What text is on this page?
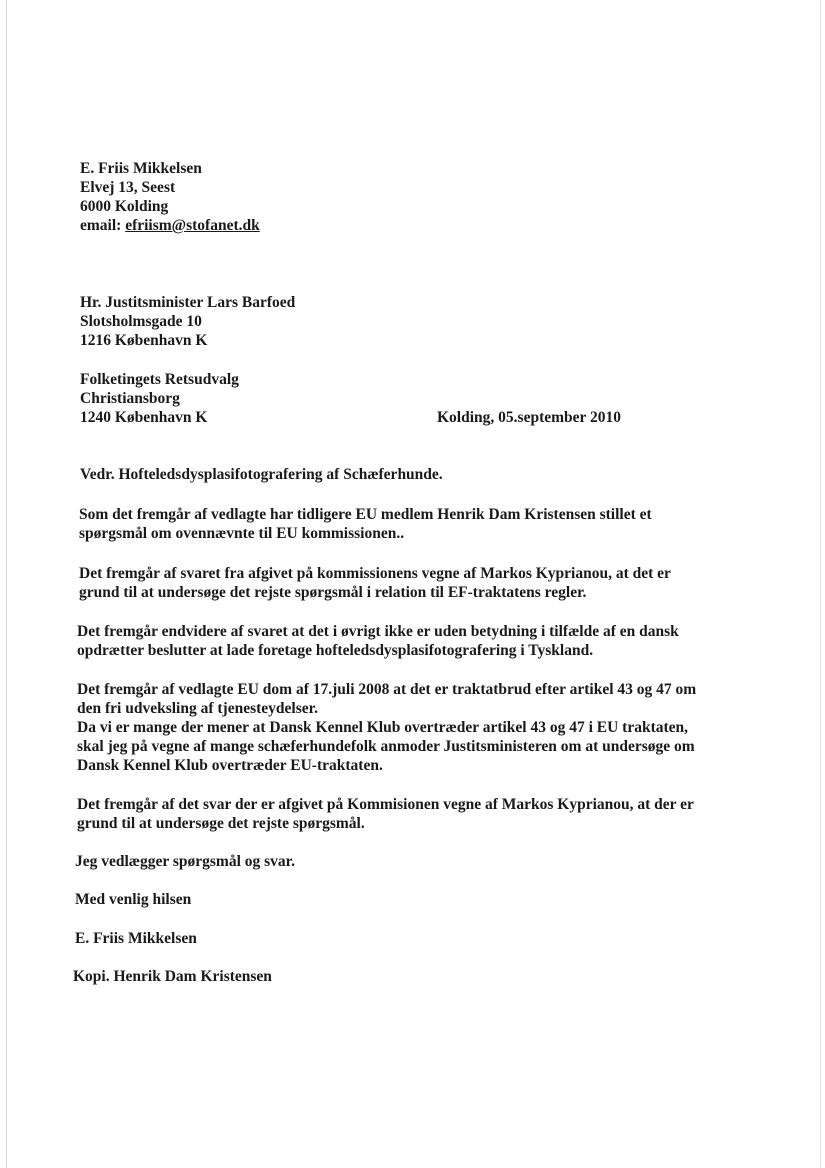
E. Friis Mikkelsen
Elvej 13, Seest
6000 Kolding
email: efriism@stofanet.dk
Hr. Justitsminister Lars Barfoed
Slotsholmsgade 10
1216 København K
Folketingets Retsudvalg
Christiansborg
1240 København K	Kolding, 05.september 2010
Vedr. Hofteledsdysplasifotografering af Schæferhunde.
Som det fremgår af vedlagte har tidligere EU medlem Henrik Dam Kristensen stillet et
spørgsmål om ovennævnte til EU kommissionen..
Det fremgår af svaret fra afgivet på kommissionens vegne af Markos Kyprianou, at det er
grund til at undersøge det rejste spørgsmål i relation til EF-traktatens regler.
Det fremgår endvidere af svaret at det i øvrigt ikke er uden betydning i tilfælde af en dansk
opdrætter beslutter at lade foretage hofteledsdysplasifotografering i Tyskland.
Det fremgår af vedlagte EU dom af 17.juli 2008 at det er traktatbrud efter artikel 43 og 47 om
den fri udveksling af tjenesteydelser.
Da vi er mange der mener at Dansk Kennel Klub overtræder artikel 43 og 47 i EU traktaten,
skal jeg på vegne af mange schæferhundefolk anmoder Justitsministeren om at undersøge om
Dansk Kennel Klub overtræder EU-traktaten.
Det fremgår af det svar der er afgivet på Kommisionen vegne af Markos Kyprianou, at der er
grund til at undersøge det rejste spørgsmål.
Jeg vedlægger spørgsmål og svar.
Med venlig hilsen
E. Friis Mikkelsen
Kopi. Henrik Dam Kristensen
